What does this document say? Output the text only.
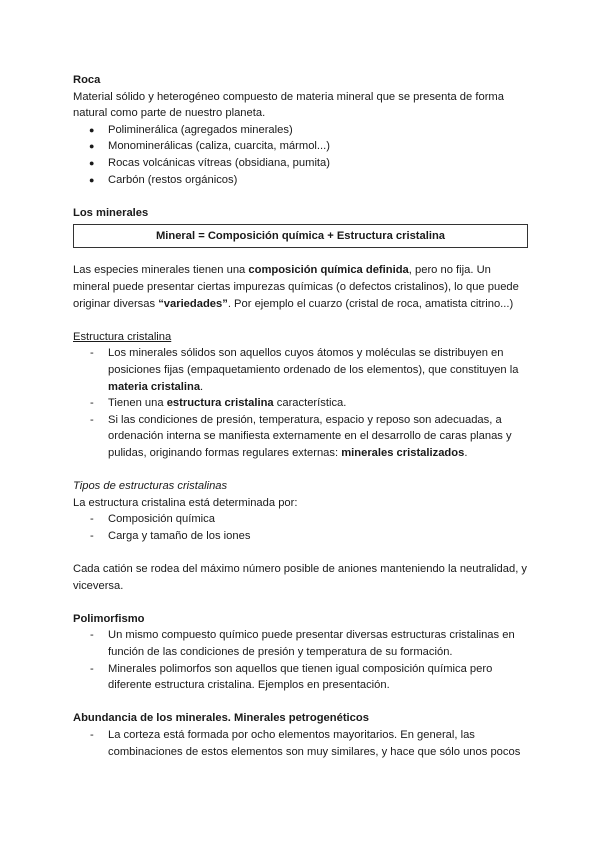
Roca

Material sólido y heterogéneo compuesto de materia mineral que se presenta de forma natural como parte de nuestro planeta.

● Poliminerálica (agregados minerales)
● Monominerálicas (caliza, cuarcita, mármol...)
● Rocas volcánicas vítreas (obsidiana, pumita)
● Carbón (restos orgánicos)

Los minerales

Mineral = Composición química + Estructura cristalina

Las especies minerales tienen una composición química definida, pero no fija. Un mineral puede presentar ciertas impurezas químicas (o defectos cristalinos), lo que puede originar diversas “variedades”. Por ejemplo el cuarzo (cristal de roca, amatista citrino...)

Estructura cristalina

- Los minerales sólidos son aquellos cuyos átomos y moléculas se distribuyen en posiciones fijas (empaquetamiento ordenado de los elementos), que constituyen la materia cristalina.
- Tienen una estructura cristalina característica.
- Si las condiciones de presión, temperatura, espacio y reposo son adecuadas, a ordenación interna se manifiesta externamente en el desarrollo de caras planas y pulidas, originando formas regulares externas: minerales cristalizados.

Tipos de estructuras cristalinas

La estructura cristalina está determinada por:

- Composición química
- Carga y tamaño de los iones

Cada catión se rodea del máximo número posible de aniones manteniendo la neutralidad, y viceversa.

Polimorfismo

- Un mismo compuesto químico puede presentar diversas estructuras cristalinas en función de las condiciones de presión y temperatura de su formación.
- Minerales polimorfos son aquellos que tienen igual composición química pero diferente estructura cristalina. Ejemplos en presentación.

Abundancia de los minerales. Minerales petrogenéticos

- La corteza está formada por ocho elementos mayoritarios. En general, las combinaciones de estos elementos son muy similares, y hace que sólo unos pocos
